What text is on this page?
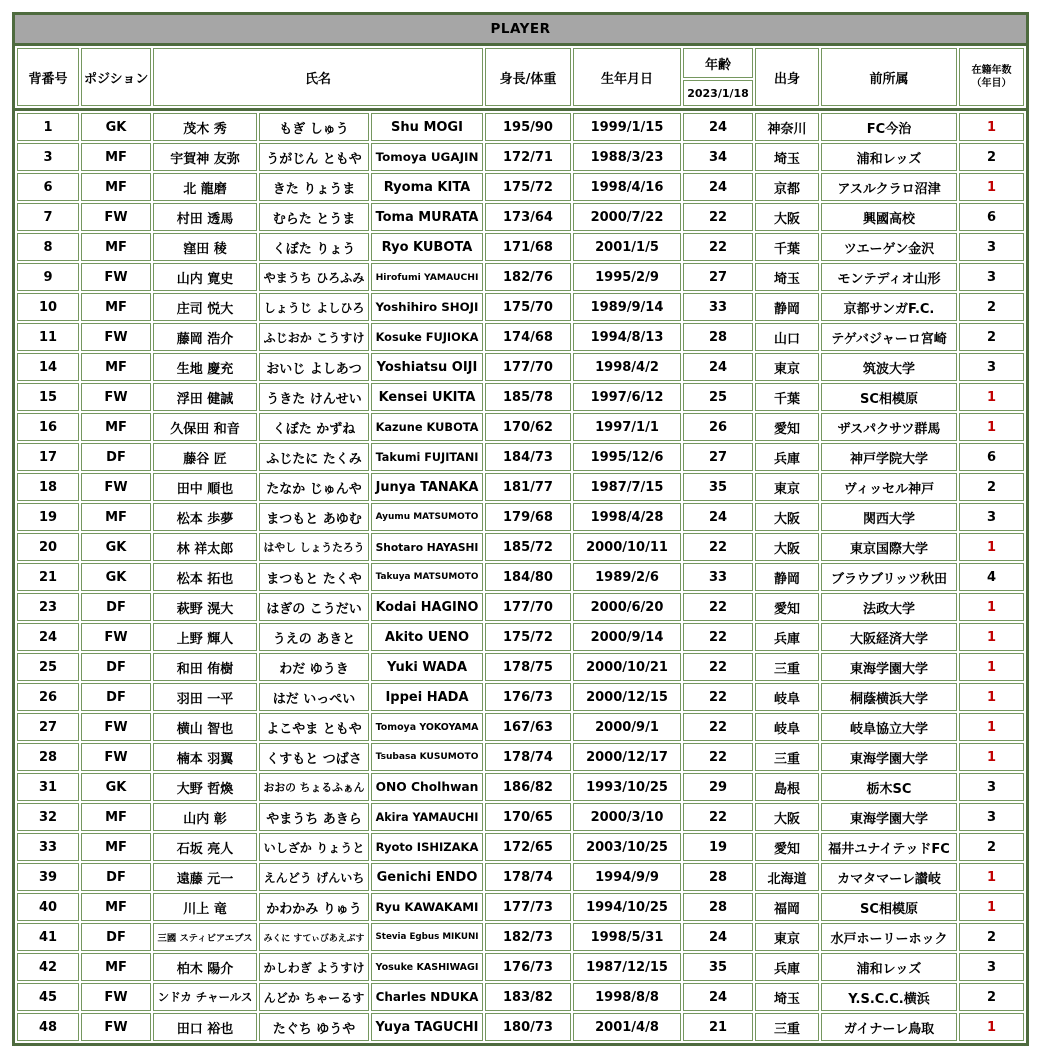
PLAYER
背番号	ポジション	氏名	身長/体重	生年月日	年齢	出身	前所属	在籍年数
（年目）
2023/1/18
1	GK	茂木 秀	もぎ しゅう	Shu MOGI	195/90	1999/1/15	24	神奈川	FC今治	1
3	MF	宇賀神 友弥	うがじん ともや	Tomoya UGAJIN	172/71	1988/3/23	34	埼玉	浦和レッズ	2
6	MF	北 龍磨	きた りょうま	Ryoma KITA	175/72	1998/4/16	24	京都	アスルクラロ沼津	1
7	FW	村田 透馬	むらた とうま	Toma MURATA	173/64	2000/7/22	22	大阪	興國高校	6
8	MF	窪田 稜	くぼた りょう	Ryo KUBOTA	171/68	2001/1/5	22	千葉	ツエーゲン金沢	3
9	FW	山内 寛史	やまうち ひろふみ	Hirofumi YAMAUCHI	182/76	1995/2/9	27	埼玉	モンテディオ山形	3
10	MF	庄司 悦大	しょうじ よしひろ	Yoshihiro SHOJI	175/70	1989/9/14	33	静岡	京都サンガF.C.	2
11	FW	藤岡 浩介	ふじおか こうすけ	Kosuke FUJIOKA	174/68	1994/8/13	28	山口	テゲバジャーロ宮崎	2
14	MF	生地 慶充	おいじ よしあつ	Yoshiatsu OIJI	177/70	1998/4/2	24	東京	筑波大学	3
15	FW	浮田 健誠	うきた けんせい	Kensei UKITA	185/78	1997/6/12	25	千葉	SC相模原	1
16	MF	久保田 和音	くぼた かずね	Kazune KUBOTA	170/62	1997/1/1	26	愛知	ザスパクサツ群馬	1
17	DF	藤谷 匠	ふじたに たくみ	Takumi FUJITANI	184/73	1995/12/6	27	兵庫	神戸学院大学	6
18	FW	田中 順也	たなか じゅんや	Junya TANAKA	181/77	1987/7/15	35	東京	ヴィッセル神戸	2
19	MF	松本 歩夢	まつもと あゆむ	Ayumu MATSUMOTO	179/68	1998/4/28	24	大阪	関西大学	3
20	GK	林 祥太郎	はやし しょうたろう	Shotaro HAYASHI	185/72	2000/10/11	22	大阪	東京国際大学	1
21	GK	松本 拓也	まつもと たくや	Takuya MATSUMOTO	184/80	1989/2/6	33	静岡	ブラウブリッツ秋田	4
23	DF	萩野 滉大	はぎの こうだい	Kodai HAGINO	177/70	2000/6/20	22	愛知	法政大学	1
24	FW	上野 輝人	うえの あきと	Akito UENO	175/72	2000/9/14	22	兵庫	大阪経済大学	1
25	DF	和田 侑樹	わだ ゆうき	Yuki WADA	178/75	2000/10/21	22	三重	東海学園大学	1
26	DF	羽田 一平	はだ いっぺい	Ippei HADA	176/73	2000/12/15	22	岐阜	桐蔭横浜大学	1
27	FW	横山 智也	よこやま ともや	Tomoya YOKOYAMA	167/63	2000/9/1	22	岐阜	岐阜協立大学	1
28	FW	楠本 羽翼	くすもと つばさ	Tsubasa KUSUMOTO	178/74	2000/12/17	22	三重	東海学園大学	1
31	GK	大野 哲煥	おおの ちょるふぁん	ONO Cholhwan	186/82	1993/10/25	29	島根	栃木SC	3
32	MF	山内 彰	やまうち あきら	Akira YAMAUCHI	170/65	2000/3/10	22	大阪	東海学園大学	3
33	MF	石坂 亮人	いしざか りょうと	Ryoto ISHIZAKA	172/65	2003/10/25	19	愛知	福井ユナイテッドFC	2
39	DF	遠藤 元一	えんどう げんいち	Genichi ENDO	178/74	1994/9/9	28	北海道	カマタマーレ讃岐	1
40	MF	川上 竜	かわかみ りゅう	Ryu KAWAKAMI	177/73	1994/10/25	28	福岡	SC相模原	1
41	DF	三國 スティビアエブス	みくに すてぃびあえぶす	Stevia Egbus MIKUNI	182/73	1998/5/31	24	東京	水戸ホーリーホック	2
42	MF	柏木 陽介	かしわぎ ようすけ	Yosuke KASHIWAGI	176/73	1987/12/15	35	兵庫	浦和レッズ	3
45	FW	ンドカ チャールス	んどか ちゃーるす	Charles NDUKA	183/82	1998/8/8	24	埼玉	Y.S.C.C.横浜	2
48	FW	田口 裕也	たぐち ゆうや	Yuya TAGUCHI	180/73	2001/4/8	21	三重	ガイナーレ鳥取	1
